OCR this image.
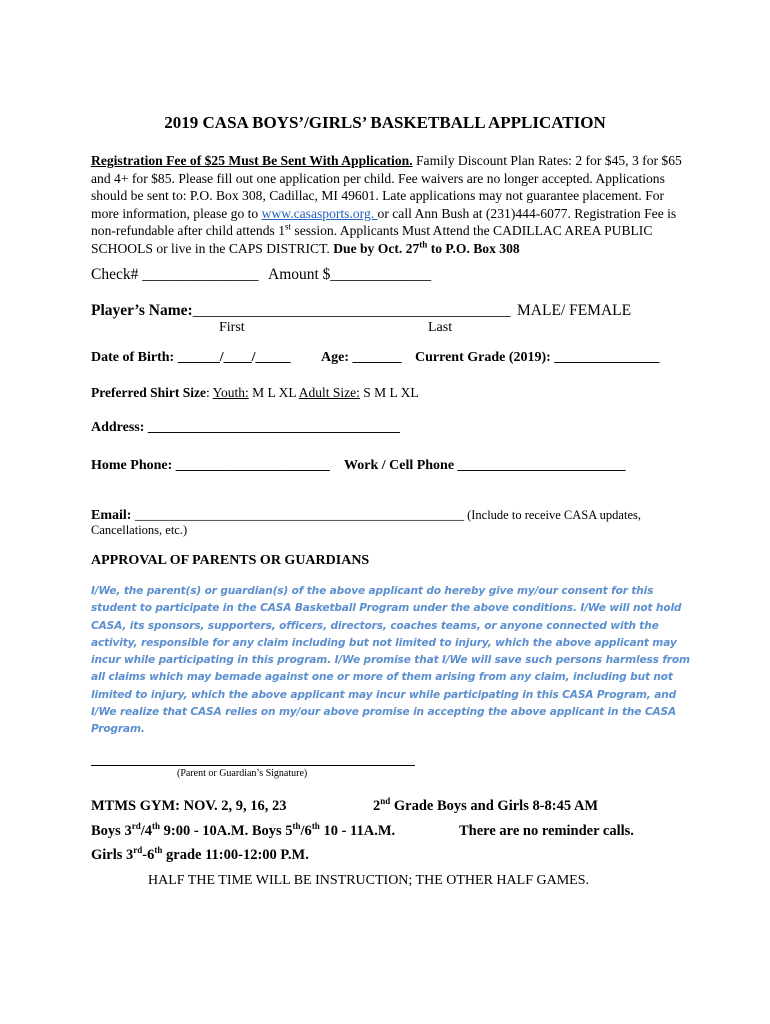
2019 CASA BOYS’/GIRLS’ BASKETBALL APPLICATION
Registration Fee of $25 Must Be Sent With Application. Family Discount Plan Rates: 2 for $45, 3 for $65 and 4+ for $85. Please fill out one application per child. Fee waivers are no longer accepted. Applications should be sent to: P.O. Box 308, Cadillac, MI 49601. Late applications may not guarantee placement. For more information, please go to www.casasports.org. or call Ann Bush at (231)444-6077. Registration Fee is non-refundable after child attends 1st session. Applicants Must Attend the CADILLAC AREA PUBLIC SCHOOLS or live in the CAPS DISTRICT. Due by Oct. 27th to P.O. Box 308
Check# _______________ Amount $_____________
Player’s Name:_________________________________________ MALE/ FEMALE
First	Last
Date of Birth: ______/____/_____ Age: _______ Current Grade (2019): _______________
Preferred Shirt Size: Youth: M L XL Adult Size: S M L XL
Address: ____________________________________
Home Phone: ______________________ Work / Cell Phone ________________________
Email: _______________________________________________ (Include to receive CASA updates,
Cancellations, etc.)
APPROVAL OF PARENTS OR GUARDIANS
I/We, the parent(s) or guardian(s) of the above applicant do hereby give my/our consent for this student to participate in the CASA Basketball Program under the above conditions. I/We will not hold CASA, its sponsors, supporters, officers, directors, coaches teams, or anyone connected with the activity, responsible for any claim including but not limited to injury, which the above applicant may incur while participating in this program. I/We promise that I/We will save such persons harmless from all claims which may bemade against one or more of them arising from any claim, including but not limited to injury, which the above applicant may incur while participating in this CASA Program, and I/We realize that CASA relies on my/our above promise in accepting the above applicant in the CASA Program.
(Parent or Guardian’s Signature)
MTMS GYM: NOV. 2, 9, 16, 23	2nd Grade Boys and Girls 8-8:45 AM
Boys 3rd/4th 9:00 - 10A.M. Boys 5th/6th 10 - 11A.M.	There are no reminder calls.
Girls 3rd-6th grade 11:00-12:00 P.M.
HALF THE TIME WILL BE INSTRUCTION; THE OTHER HALF GAMES.
